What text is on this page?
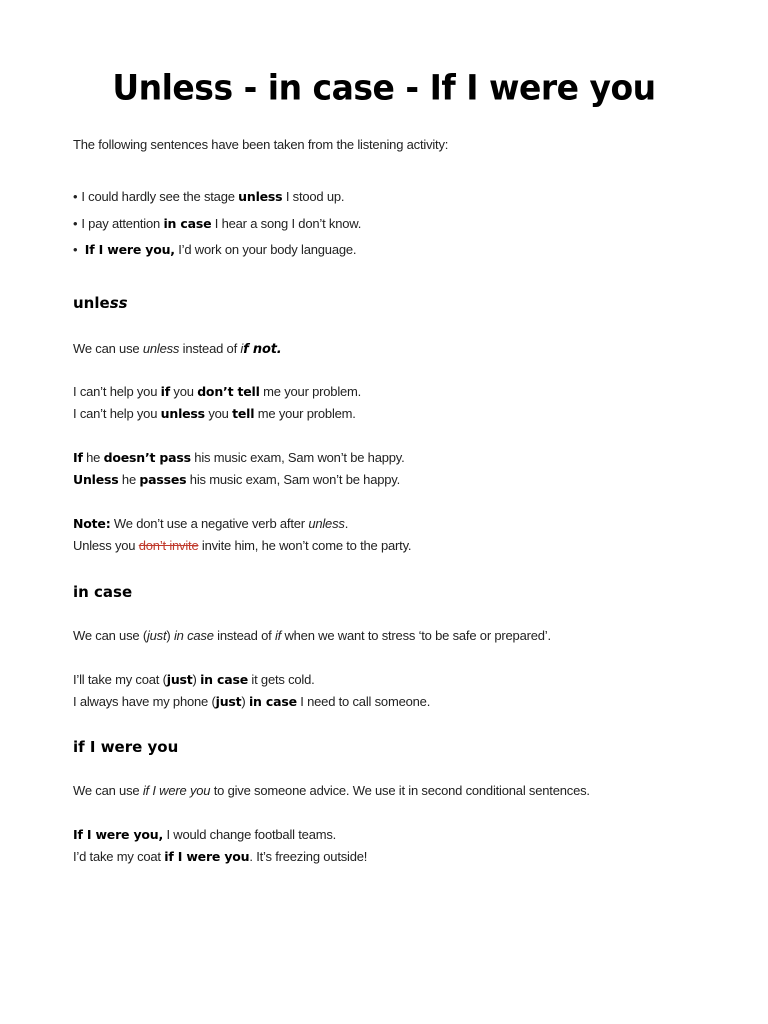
Unless - in case - If I were you
The following sentences have been taken from the listening activity:
• I could hardly see the stage unless I stood up.
• I pay attention in case I hear a song I don’t know.
• If I were you, I’d work on your body language.
unless
We can use unless instead of if not.
I can’t help you if you don’t tell me your problem.
I can’t help you unless you tell me your problem.
If he doesn’t pass his music exam, Sam won’t be happy.
Unless he passes his music exam, Sam won’t be happy.
Note: We don’t use a negative verb after unless.
Unless you don’t invite invite him, he won’t come to the party.
in case
We can use (just) in case instead of if when we want to stress ‘to be safe or prepared’.
I’ll take my coat (just) in case it gets cold.
I always have my phone (just) in case I need to call someone.
if I were you
We can use if I were you to give someone advice. We use it in second conditional sentences.
If I were you, I would change football teams.
I’d take my coat if I were you. It’s freezing outside!
